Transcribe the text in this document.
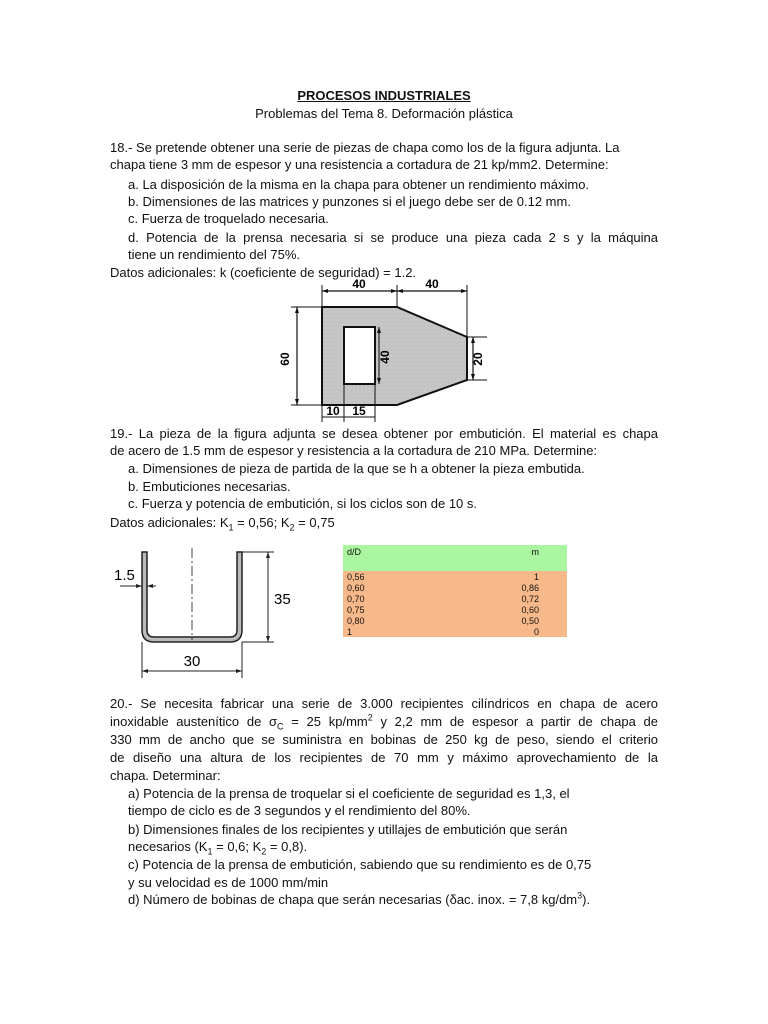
PROCESOS INDUSTRIALES
Problemas del Tema 8. Deformación plástica
18.- Se pretende obtener una serie de piezas de chapa como los de la figura adjunta. La
chapa tiene 3 mm de espesor y una resistencia a cortadura de 21 kp/mm2. Determine:
a. La disposición de la misma en la chapa para obtener un rendimiento máximo.
b. Dimensiones de las matrices y punzones si el juego debe ser de 0.12 mm.
c. Fuerza de troquelado necesaria.
d. Potencia de la prensa necesaria si se produce una pieza cada 2 s y la máquina
tiene un rendimiento del 75%.
Datos adicionales: k (coeficiente de seguridad) = 1.2.
40	40
60	40	20
10 15
19.- La pieza de la figura adjunta se desea obtener por embutición. El material es chapa
de acero de 1.5 mm de espesor y resistencia a la cortadura de 210 MPa. Determine:
a. Dimensiones de pieza de partida de la que se h a obtener la pieza embutida.
b. Embuticiones necesarias.
c. Fuerza y potencia de embutición, si los ciclos son de 10 s.
Datos adicionales: $K_1 = 0,56$; $K_2 = 0,75$
1.5
35
30
d/D	m
0,56	1
0,60	0,86
0,70	0,72
0,75	0,60
0,80	0,50
1	0
20.- Se necesita fabricar una serie de 3.000 recipientes cilíndricos en chapa de acero
inoxidable austenítico de $\sigma_C = 25$ $kp/mm^2$ y 2,2 mm de espesor a partir de chapa de
330 mm de ancho que se suministra en bobinas de 250 kg de peso, siendo el criterio
de diseño una altura de los recipientes de 70 mm y máximo aprovechamiento de la
chapa. Determinar:
a) Potencia de la prensa de troquelar si el coeficiente de seguridad es 1,3, el
tiempo de ciclo es de 3 segundos y el rendimiento del 80%.
b) Dimensiones finales de los recipientes y utillajes de embutición que serán
necesarios ($K_1 = 0,6$; $K_2 = 0,8$).
c) Potencia de la prensa de embutición, sabiendo que su rendimiento es de 0,75
y su velocidad es de 1000 mm/min
d) Número de bobinas de chapa que serán necesarias (δac. inox. = 7,8 $kg/dm^3$).
